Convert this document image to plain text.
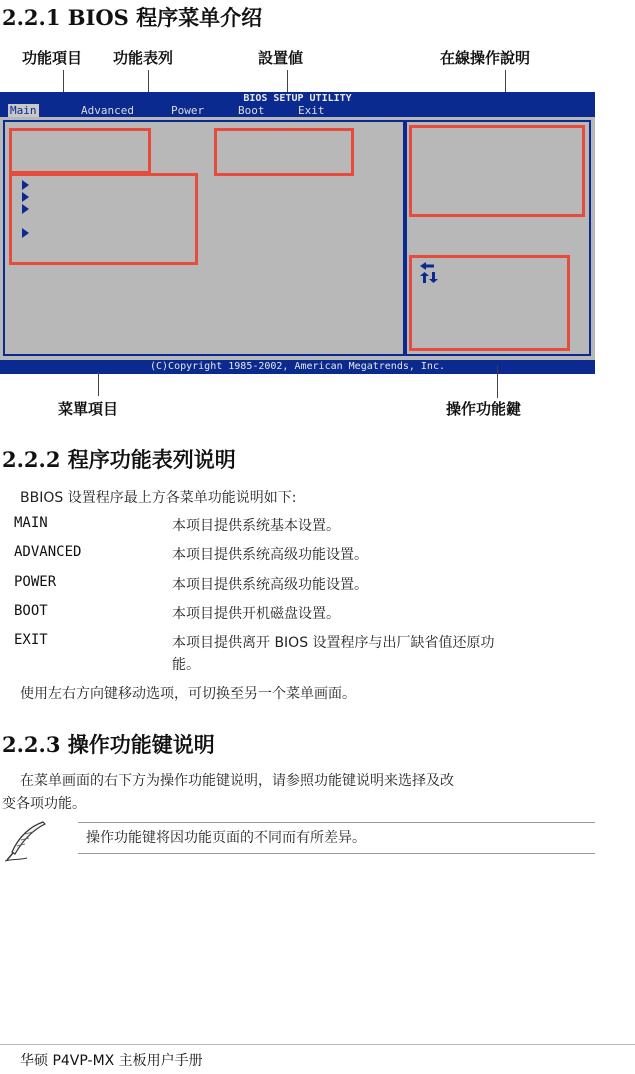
2.2.1 BIOS 程序菜单介绍
功能項目 功能表列	設置値	在線操作說明
BIOS SETUP UTILITY
Main	Advanced	Power	Boot	Exit
(C)Copyright 1985-2002, American Megatrends, Inc.
菜單項目	操作功能鍵
2.2.2 程序功能表列说明
BBIOS 设置程序最上方各菜单功能说明如下:
MAIN	本项目提供系统基本设置。
ADVANCED	本项目提供系统高级功能设置。
POWER	本项目提供系统高级功能设置。
BOOT	本项目提供开机磁盘设置。
EXIT	本项目提供离开 BIOS 设置程序与出厂缺省值还原功
能。
使用左右方向键移动选项，可切换至另一个菜单画面。
2.2.3 操作功能键说明
在菜单画面的右下方为操作功能键说明，请参照功能键说明来选择及改
变各项功能。
操作功能键将因功能页面的不同而有所差异。
华硕 P4VP-MX 主板用户手册
